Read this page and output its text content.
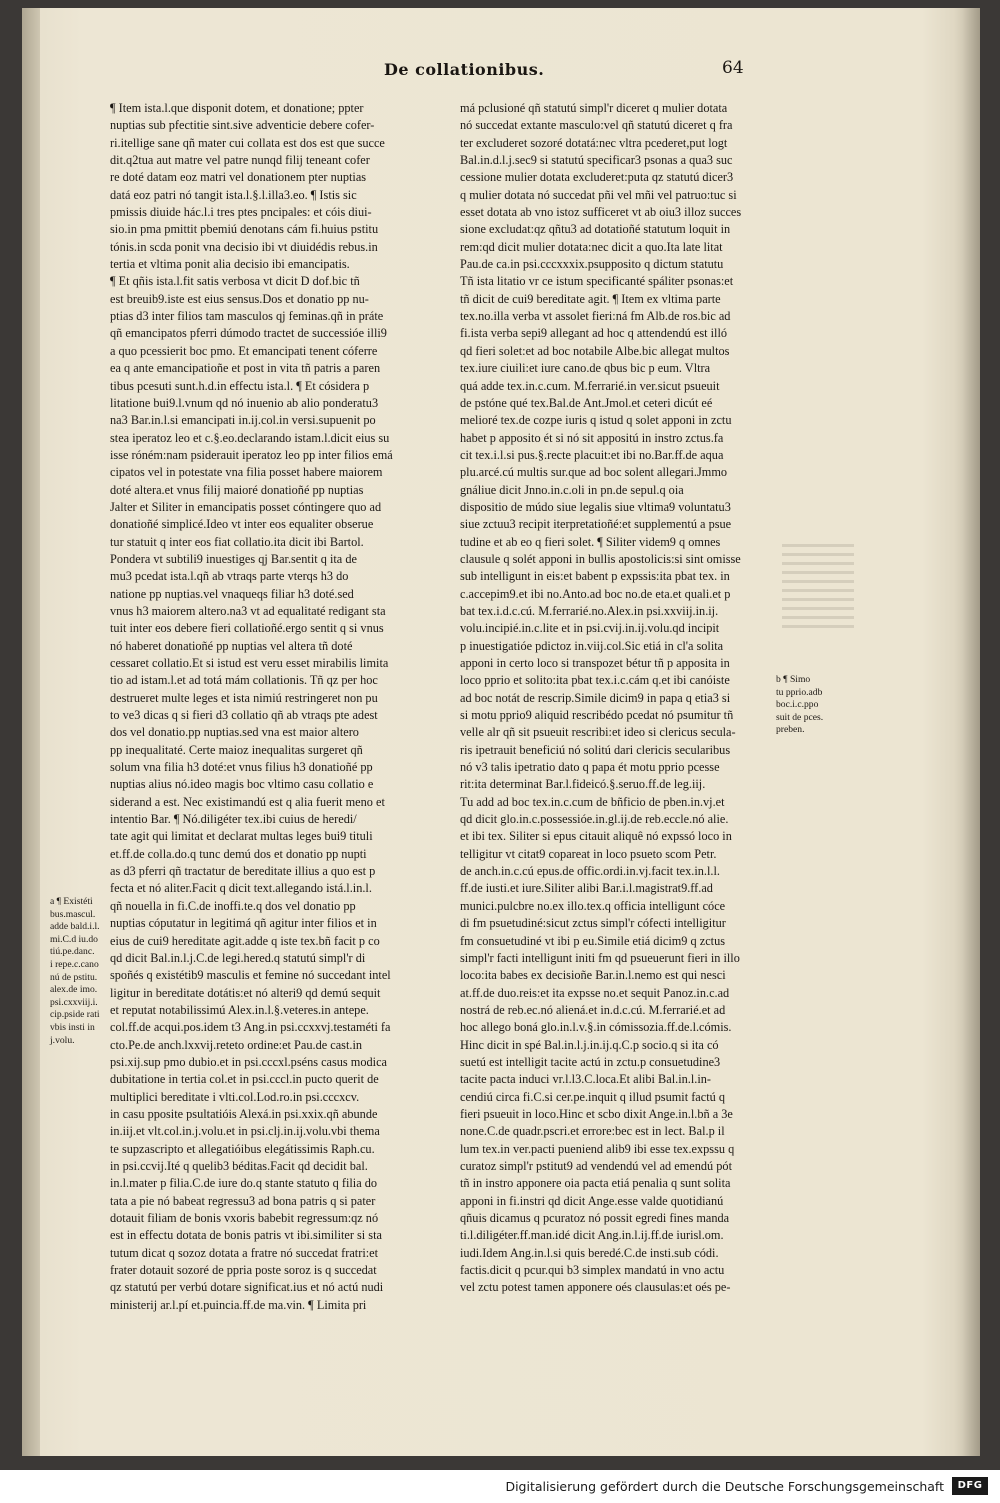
De collationibus.	64
¶ Item ista.l.que disponit dotem, et donatione; ppter
nuptias sub pfectitie sint.sive adventicie debere cofer-
ri.itellige sane qñ mater cui collata est dos est que succe
dit.q2tua aut matre vel patre nunqd filij teneant cofer
re doté datam eoz matri vel donationem pter nuptias
datá eoz patri nó tangit ista.l.§.l.illa3.eo. ¶ Istis sic
pmissis diuide hác.l.i tres ptes pncipales: et cóis diui-
sio.in pma pmittit pbemiú denotans cám fi.huius pstitu
tónis.in scda ponit vna decisio ibi vt diuidédis rebus.in
tertia et vltima ponit alia decisio ibi emancipatis.
¶ Et qñis ista.l.fit satis verbosa vt dicit D dof.bic tñ
est breuib9.iste est eius sensus.Dos et donatio pp nu-
ptias d3 inter filios tam masculos qj feminas.qñ in práte
qñ emancipatos pferri dúmodo tractet de successióe illi9
a quo pcessierit boc pmo. Et emancipati tenent cóferre
ea q ante emancipatioñe et post in vita tñ patris a paren
tibus pcesuti sunt.h.d.in effectu ista.l. ¶ Et cósidera p
litatione bui9.l.vnum qd nó inuenio ab alio ponderatu3
na3 Bar.in.l.si emancipati in.ij.col.in versi.supuenit po
stea iperatoz leo et c.§.eo.declarando istam.l.dicit eius su
isse róném:nam psiderauit iperatoz leo pp inter filios emá
cipatos vel in potestate vna filia posset habere maiorem
doté altera.et vnus filij maioré donatioñé pp nuptias
Jalter et Siliter in emancipatis posset cóntingere quo ad
donatioñé simplicé.Ideo vt inter eos equaliter obserue
tur statuit q inter eos fiat collatio.ita dicit ibi Bartol.
Pondera vt subtili9 inuestiges qj Bar.sentit q ita de
mu3 pcedat ista.l.qñ ab vtraqs parte vterqs h3 do
natione pp nuptias.vel vnaqueqs filiar h3 doté.sed
vnus h3 maiorem altero.na3 vt ad equalitaté redigant sta
tuit inter eos debere fieri collatioñé.ergo sentit q si vnus
nó haberet donatioñé pp nuptias vel altera tñ doté
cessaret collatio.Et si istud est veru esset mirabilis limita
tio ad istam.l.et ad totá mám collationis. Tñ qz per hoc
destrueret multe leges et ista nimiú restringeret non pu
to ve3 dicas q si fieri d3 collatio qñ ab vtraqs pte adest
dos vel donatio.pp nuptias.sed vna est maior altero
pp inequalitaté. Certe maioz inequalitas surgeret qñ
solum vna filia h3 doté:et vnus filius h3 donatioñé pp
nuptias alius nó.ideo magis boc vltimo casu collatio e
siderand a est. Nec existimandú est q alia fuerit meno et
intentio Bar. ¶ Nó.diligéter tex.ibi cuius de heredi/
tate agit qui limitat et declarat multas leges bui9 tituli
et.ff.de colla.do.q tunc demú dos et donatio pp nupti
as d3 pferri qñ tractatur de bereditate illius a quo est p
fecta et nó aliter.Facit q dicit text.allegando istá.l.in.l.
qñ nouella in fi.C.de inoffi.te.q dos vel donatio pp
nuptias cóputatur in legitimá qñ agitur inter filios et in
eius de cui9 hereditate agit.adde q iste tex.bñ facit p co
qd dicit Bal.in.l.j.C.de legi.hered.q statutú simpl'r di
spoñés q existétib9 masculis et femine nó succedant intel
ligitur in bereditate dotátis:et nó alteri9 qd demú sequit
et reputat notabilissimú Alex.in.l.§.veteres.in antepe.
col.ff.de acqui.pos.idem t3 Ang.in psi.ccxxvj.testaméti fa
cto.Pe.de anch.lxxvij.reteto ordine:et Pau.de cast.in
psi.xij.sup pmo dubio.et in psi.cccxl.pséns casus modica
dubitatione in tertia col.et in psi.cccl.in pucto querit de
multiplici bereditate i vlti.col.Lod.ro.in psi.cccxcv.
in casu pposite psultatióis Alexá.in psi.xxix.qñ abunde
in.iij.et vlt.col.in.j.volu.et in psi.clj.in.ij.volu.vbi thema
te supzascripto et allegatióibus elegátissimis Raph.cu.
in psi.ccvij.Ité q quelib3 béditas.Facit qd decidit bal.
in.l.mater p filia.C.de iure do.q stante statuto q filia do
tata a pie nó babeat regressu3 ad bona patris q si pater
dotauit filiam de bonis vxoris babebit regressum:qz nó
est in effectu dotata de bonis patris vt ibi.similiter si sta
tutum dicat q sozoz dotata a fratre nó succedat fratri:et
frater dotauit sozoré de ppria poste soroz is q succedat
qz statutú per verbú dotare significat.ius et nó actú nudi
ministerij ar.l.pí et.puincia.ff.de ma.vin. ¶ Limita pri
má pclusioné qñ statutú simpl'r diceret q mulier dotata
nó succedat extante masculo:vel qñ statutú diceret q fra
ter excluderet sozoré dotatá:nec vltra pcederet,put logt
Bal.in.d.l.j.sec9 si statutú specificar3 psonas a qua3 suc
cessione mulier dotata excluderet:puta qz statutú dicer3
q mulier dotata nó succedat pñi vel mñi vel patruo:tuc si
esset dotata ab vno istoz sufficeret vt ab oiu3 illoz succes
sione excludat:qz qñtu3 ad dotatioñé statutum loquit in
rem:qd dicit mulier dotata:nec dicit a quo.Ita late litat
Pau.de ca.in psi.cccxxxix.psupposito q dictum statutu
Tñ ista litatio vr ce istum specificanté spáliter psonas:et
tñ dicit de cui9 bereditate agit. ¶ Item ex vltima parte
tex.no.illa verba vt assolet fieri:ná fm Alb.de ros.bic ad
fi.ista verba sepi9 allegant ad hoc q attendendú est illó
qd fieri solet:et ad boc notabile Albe.bic allegat multos
tex.iure ciuili:et iure cano.de qbus bic p eum. Vltra
quá adde tex.in.c.cum. M.ferrarié.in ver.sicut psueuit
de pstóne qué tex.Bal.de Ant.Jmol.et ceteri dicút eé
melioré tex.de cozpe iuris q istud q solet apponi in zctu
habet p apposito ét si nó sit appositú in instro zctus.fa
cit tex.i.l.si pus.§.recte placuit:et ibi no.Bar.ff.de aqua
plu.arcé.cú multis sur.que ad boc solent allegari.Jmmo
gnáliue dicit Jnno.in.c.oli in pn.de sepul.q oia
dispositio de múdo siue legalis siue vltima9 voluntatu3
siue zctuu3 recipit iterpretatioñé:et supplementú a psue
tudine et ab eo q fieri solet. ¶ Siliter videm9 q omnes
clausule q solét apponi in bullis apostolicis:si sint omisse
sub intelligunt in eis:et babent p expssis:ita pbat tex. in
c.accepim9.et ibi no.Anto.ad boc no.de eta.et quali.et p
bat tex.i.d.c.cú. M.ferrarié.no.Alex.in psi.xxviij.in.ij.
volu.incipié.in.c.lite et in psi.cvij.in.ij.volu.qd incipit
p inuestigatióe pdictoz in.viij.col.Sic etiá in cl'a solita
apponi in certo loco si transpozet bétur tñ p apposita in
loco pprio et solito:ita pbat tex.i.c.cám q.et ibi canóiste
ad boc notát de rescrip.Simile dicim9 in papa q etia3 si
si motu pprio9 aliquid rescribédo pcedat nó psumitur tñ
velle alr qñ sit psueuit rescribi:et ideo si clericus secula-
ris ipetrauit beneficiú nó solitú dari clericis secularibus
nó v3 talis ipetratio dato q papa ét motu pprio pcesse
rit:ita determinat Bar.l.fideicó.§.seruo.ff.de leg.iij.
Tu add ad boc tex.in.c.cum de bñficio de pben.in.vj.et
qd dicit glo.in.c.possessióe.in.gl.ij.de reb.eccle.nó alie.
et ibi tex. Siliter si epus citauit aliquê nó expssó loco in
telligitur vt citat9 copareat in loco psueto scom Petr.
de anch.in.c.cú epus.de offic.ordi.in.vj.facit tex.in.l.l.
ff.de iusti.et iure.Siliter alibi Bar.i.l.magistrat9.ff.ad
munici.pulcbre no.ex illo.tex.q officia intelligunt cóce
di fm psuetudiné:sicut zctus simpl'r cófecti intelligitur
fm consuetudiné vt ibi p eu.Simile etiá dicim9 q zctus
simpl'r facti intelligunt initi fm qd psueuerunt fieri in illo
loco:ita babes ex decisioñe Bar.in.l.nemo est qui nesci
at.ff.de duo.reis:et ita expsse no.et sequit Panoz.in.c.ad
nostrá de reb.ec.nó aliená.et in.d.c.cú. M.ferrarié.et ad
hoc allego boná glo.in.l.v.§.in cómissozia.ff.de.l.cómis.
Hinc dicit in spé Bal.in.l.j.in.ij.q.C.p socio.q si ita có
suetú est intelligit tacite actú in zctu.p consuetudine3
tacite pacta induci vr.l.l3.C.loca.Et alibi Bal.in.l.in-
cendiú circa fi.C.si cer.pe.inquit q illud psumit factú q
fieri psueuit in loco.Hinc et scbo dixit Ange.in.l.bñ a 3e
none.C.de quadr.pscri.et errore:bec est in lect. Bal.p il
lum tex.in ver.pacti pueniend alib9 ibi esse tex.expssu q
curatoz simpl'r pstitut9 ad vendendú vel ad emendú pót
tñ in instro apponere oia pacta etiá penalia q sunt solita
apponi in fi.instri qd dicit Ange.esse valde quotidianú
qñuis dicamus q pcuratoz nó possit egredi fines manda
ti.l.diligéter.ff.man.idé dicit Ang.in.l.ij.ff.de iurisl.om.
iudi.Idem Ang.in.l.si quis beredé.C.de insti.sub códi.
factis.dicit q pcur.qui b3 simplex mandatú in vno actu
vel zctu potest tamen apponere oés clausulas:et oés pe-
a ¶ Existéti
bus.mascul.
adde bald.i.l.
mi.C.d iu.do
tiú.pe.danc.
i repe.c.cano
nú de pstitu.
alex.de imo.
psi.cxxviij.i.
cip.pside rati
vbis insti in
j.volu.
b ¶ Simo
tu pprio.adb
boc.i.c.ppo
suit de pces.
preben.
Digitalisierung gefördert durch die Deutsche Forschungsgemeinschaft	DFG
